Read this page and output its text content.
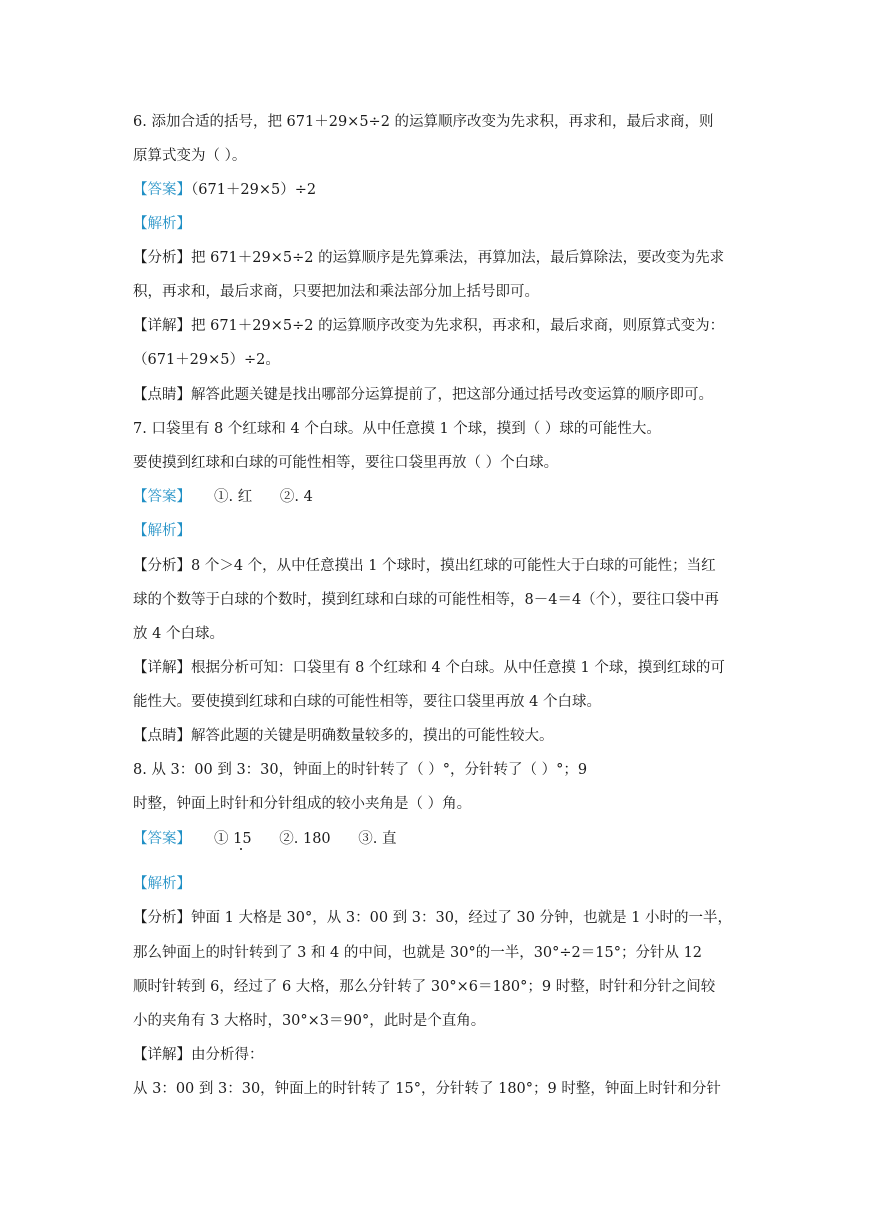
6. 添加合适的括号，把 671＋29×5÷2 的运算顺序改变为先求积，再求和，最后求商，则
原算式变为（ ）。
【答案】（671＋29×5）÷2
【解析】
【分析】把 671＋29×5÷2 的运算顺序是先算乘法，再算加法，最后算除法，要改变为先求
积，再求和，最后求商，只要把加法和乘法部分加上括号即可。
【详解】把 671＋29×5÷2 的运算顺序改变为先求积，再求和，最后求商，则原算式变为：
（671＋29×5）÷2。
【点睛】解答此题关键是找出哪部分运算提前了，把这部分通过括号改变运算的顺序即可。
7. 口袋里有 8 个红球和 4 个白球。从中任意摸 1 个球，摸到（ ）球的可能性大。
要使摸到红球和白球的可能性相等，要往口袋里再放（ ）个白球。
【答案】     ①. 红      ②. 4
【解析】
【分析】8 个＞4 个，从中任意摸出 1 个球时，摸出红球的可能性大于白球的可能性；当红
球的个数等于白球的个数时，摸到红球和白球的可能性相等，8－4＝4（个），要往口袋中再
放 4 个白球。
【详解】根据分析可知：口袋里有 8 个红球和 4 个白球。从中任意摸 1 个球，摸到红球的可
能性大。要使摸到红球和白球的可能性相等，要往口袋里再放 4 个白球。
【点睛】解答此题的关键是明确数量较多的，摸出的可能性较大。
8. 从 3：00 到 3：30，钟面上的时针转了（ ）°，分针转了（ ）°；9
时整，钟面上时针和分针组成的较小夹角是（ ）角。
【答案】     ① 15      ②. 180      ③. 直
【解析】
【分析】钟面 1 大格是 30°，从 3：00 到 3：30，经过了 30 分钟，也就是 1 小时的一半，
那么钟面上的时针转到了 3 和 4 的中间，也就是 30°的一半，30°÷2＝15°；分针从 12
顺时针转到 6，经过了 6 大格，那么分针转了 30°×6＝180°；9 时整，时针和分针之间较
小的夹角有 3 大格时，30°×3＝90°，此时是个直角。
【详解】由分析得：
从 3：00 到 3：30，钟面上的时针转了 15°，分针转了 180°；9 时整，钟面上时针和分针
